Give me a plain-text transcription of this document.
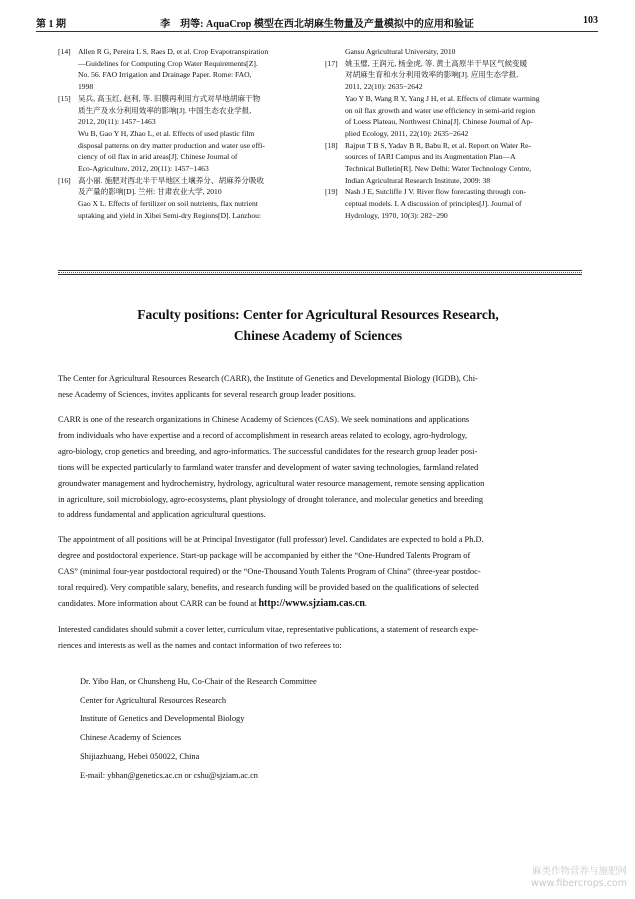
第 1 期	李　玥等: AquaCrop 模型在西北胡麻生物量及产量模拟中的应用和验证	103
[14] Allen R G, Pereira L S, Raes D, et al. Crop Evapotranspiration
—Guidelines for Computing Crop Water Requirements[Z].
No. 56. FAO Irrigation and Drainage Paper. Rome: FAO,
1998
[15] 吴兵, 高玉红, 赵利, 等. 旧膜再利用方式对旱地胡麻干物
质生产及水分利用效率的影响[J]. 中国生态农业学报,
2012, 20(11): 1457−1463
Wu B, Gao Y H, Zhao L, et al. Effects of used plastic film
disposal patterns on dry matter production and water use effi-
ciency of oil flax in arid areas[J]. Chinese Journal of
Eco-Agriculture, 2012, 20(11): 1457−1463
[16] 高小丽. 施肥对西北半干旱地区土壤养分、胡麻养分吸收
及产量的影响[D]. 兰州: 甘肃农业大学, 2010
Gao X L. Effects of fertilizer on soil nutrients, flax nutrient
uptaking and yield in Xibei Semi-dry Regions[D]. Lanzhou:
Gansu Agricultural University, 2010
[17] 姚玉璧, 王润元, 杨金虎, 等. 黄土高原半干旱区气候变暖
对胡麻生育和水分利用效率的影响[J]. 应用生态学报,
2011, 22(10): 2635−2642
Yao Y B, Wang R Y, Yang J H, et al. Effects of climate warming
on oil flax growth and water use efficiency in semi-arid region
of Loess Plateau, Northwest China[J]. Chinese Journal of Ap-
plied Ecology, 2011, 22(10): 2635−2642
[18] Rajput T B S, Yadav B R, Babu R, et al. Report on Water Re-
sources of IARI Campus and its Augmentation Plan—A
Technical Bulletin[R]. New Delhi: Water Technology Centre,
Indian Agricultural Research Institute, 2009: 38
[19] Nash J E, Sutcliffe J V. River flow forecasting through con-
ceptual models. I. A discussion of principles[J]. Journal of
Hydrology, 1970, 10(3): 282−290
Faculty positions: Center for Agricultural Resources Research,
Chinese Academy of Sciences
The Center for Agricultural Resources Research (CARR), the Institute of Genetics and Developmental Biology (IGDB), Chi-
nese Academy of Sciences, invites applicants for several research group leader positions.
CARR is one of the research organizations in Chinese Academy of Sciences (CAS). We seek nominations and applications
from individuals who have expertise and a record of accomplishment in research areas related to ecology, agro-hydrology,
agro-biology, crop genetics and breeding, and agro-informatics. The successful candidates for the research group leader posi-
tions will be expected particularly to farmland water transfer and development of water saving technologies, farmland related
groundwater management and hydrochemistry, hydrology, agricultural water resource management, remote sensing application
in agriculture, soil microbiology, agro-ecosystems, plant physiology of drought tolerance, and molecular genetics and breeding
to address fundamental and application agricultural questions.
The appointment of all positions will be at Principal Investigator (full professor) level. Candidates are expected to hold a Ph.D.
degree and postdoctoral experience. Start-up package will be accompanied by either the “One-Hundred Talents Program of
CAS” (minimal four-year postdoctoral required) or the “One-Thousand Youth Talents Program of China” (three-year postdoc-
toral required). Very compatible salary, benefits, and research funding will be provided based on the qualifications of selected
candidates. More information about CARR can be found at http://www.sjziam.cas.cn.
Interested candidates should submit a cover letter, curriculum vitae, representative publications, a statement of research expe-
riences and interests as well as the names and contact information of two referees to:
Dr. Yibo Han, or Chunsheng Hu, Co-Chair of the Research Committee
Center for Agricultural Resources Research
Institute of Genetics and Developmental Biology
Chinese Academy of Sciences
Shijiazhuang, Hebei 050022, China
E-mail: ybhan@genetics.ac.cn or cshu@sjziam.ac.cn
麻类作物营养与施肥网
www.fibercrops.com
